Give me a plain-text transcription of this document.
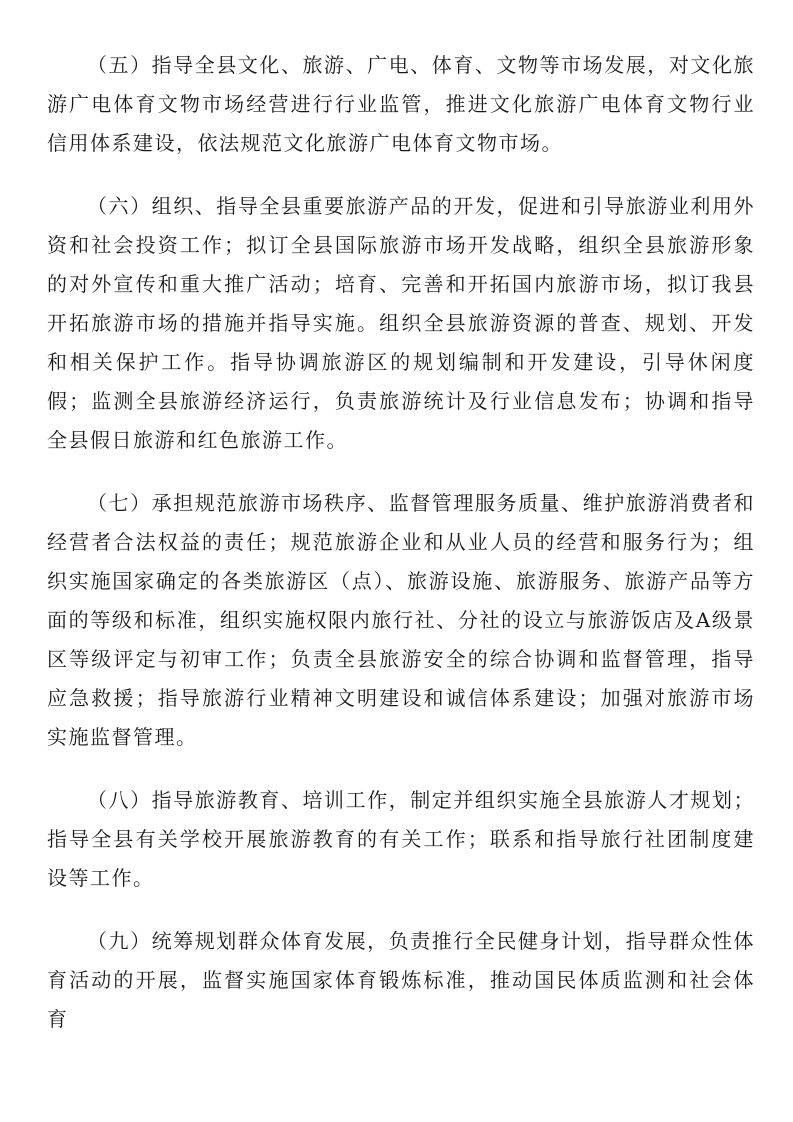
（五）指导全县文化、旅游、广电、体育、文物等市场发展，对文化旅游广电体育文物市场经营进行行业监管，推进文化旅游广电体育文物行业信用体系建设，依法规范文化旅游广电体育文物市场。

（六）组织、指导全县重要旅游产品的开发，促进和引导旅游业利用外资和社会投资工作；拟订全县国际旅游市场开发战略，组织全县旅游形象的对外宣传和重大推广活动；培育、完善和开拓国内旅游市场，拟订我县开拓旅游市场的措施并指导实施。组织全县旅游资源的普查、规划、开发和相关保护工作。指导协调旅游区的规划编制和开发建设，引导休闲度假；监测全县旅游经济运行，负责旅游统计及行业信息发布；协调和指导全县假日旅游和红色旅游工作。

（七）承担规范旅游市场秩序、监督管理服务质量、维护旅游消费者和经营者合法权益的责任；规范旅游企业和从业人员的经营和服务行为；组织实施国家确定的各类旅游区（点）、旅游设施、旅游服务、旅游产品等方面的等级和标准，组织实施权限内旅行社、分社的设立与旅游饭店及A级景区等级评定与初审工作；负责全县旅游安全的综合协调和监督管理，指导应急救援；指导旅游行业精神文明建设和诚信体系建设；加强对旅游市场实施监督管理。

（八）指导旅游教育、培训工作，制定并组织实施全县旅游人才规划；指导全县有关学校开展旅游教育的有关工作；联系和指导旅行社团制度建设等工作。

（九）统筹规划群众体育发展，负责推行全民健身计划，指导群众性体育活动的开展，监督实施国家体育锻炼标准，推动国民体质监测和社会体育
